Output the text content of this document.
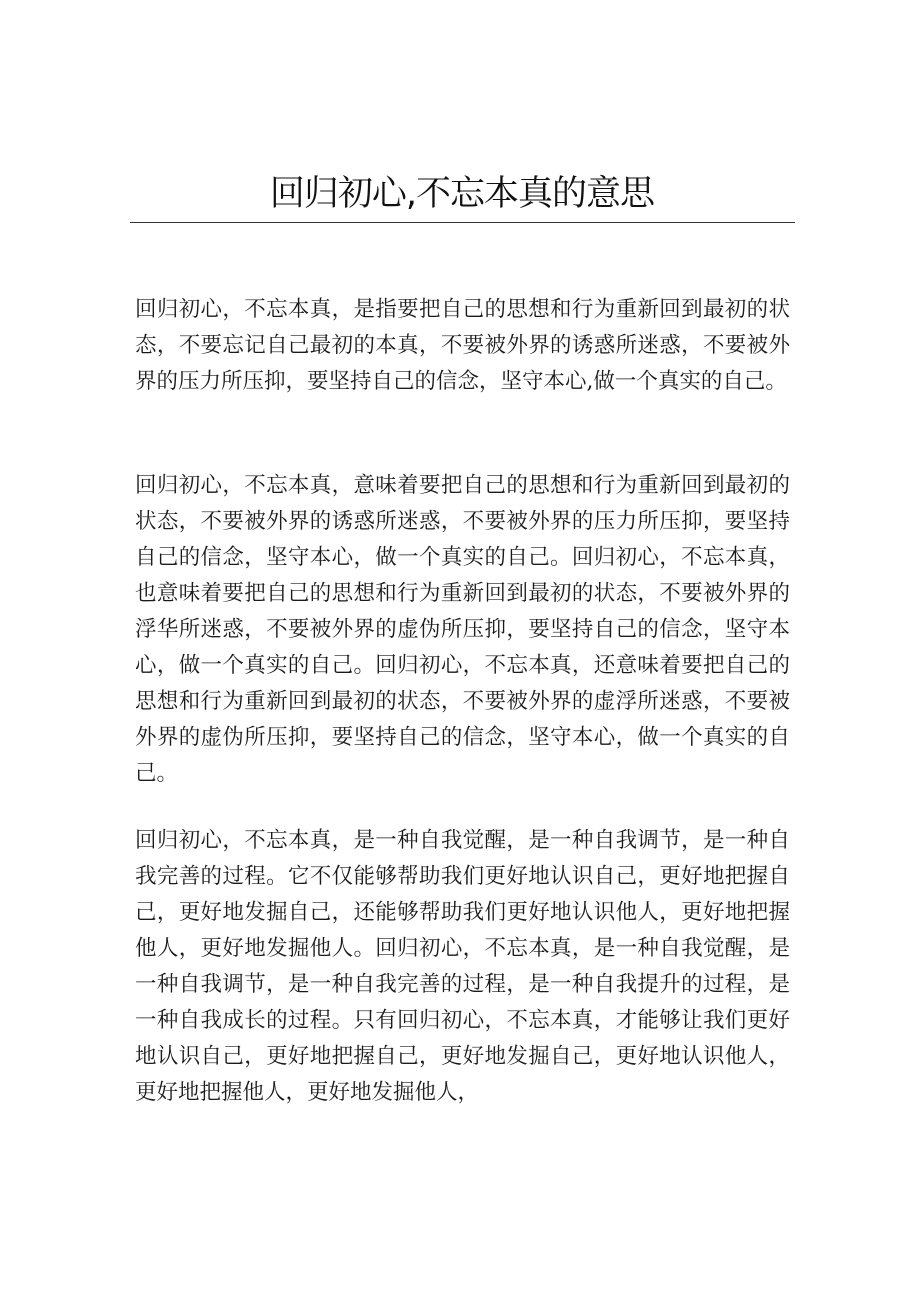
回归初心,不忘本真的意思

回归初心，不忘本真，是指要把自己的思想和行为重新回到最初的状态，不要忘记自己最初的本真，不要被外界的诱惑所迷惑，不要被外界的压力所压抑，要坚持自己的信念，坚守本心,做一个真实的自己。

回归初心，不忘本真，意味着要把自己的思想和行为重新回到最初的状态，不要被外界的诱惑所迷惑，不要被外界的压力所压抑，要坚持自己的信念，坚守本心，做一个真实的自己。回归初心，不忘本真，也意味着要把自己的思想和行为重新回到最初的状态，不要被外界的浮华所迷惑，不要被外界的虚伪所压抑，要坚持自己的信念，坚守本心，做一个真实的自己。回归初心，不忘本真，还意味着要把自己的思想和行为重新回到最初的状态，不要被外界的虚浮所迷惑，不要被外界的虚伪所压抑，要坚持自己的信念，坚守本心，做一个真实的自己。

回归初心，不忘本真，是一种自我觉醒，是一种自我调节，是一种自我完善的过程。它不仅能够帮助我们更好地认识自己，更好地把握自己，更好地发掘自己，还能够帮助我们更好地认识他人，更好地把握他人，更好地发掘他人。回归初心，不忘本真，是一种自我觉醒，是一种自我调节，是一种自我完善的过程，是一种自我提升的过程，是一种自我成长的过程。只有回归初心，不忘本真，才能够让我们更好地认识自己，更好地把握自己，更好地发掘自己，更好地认识他人，更好地把握他人，更好地发掘他人，
